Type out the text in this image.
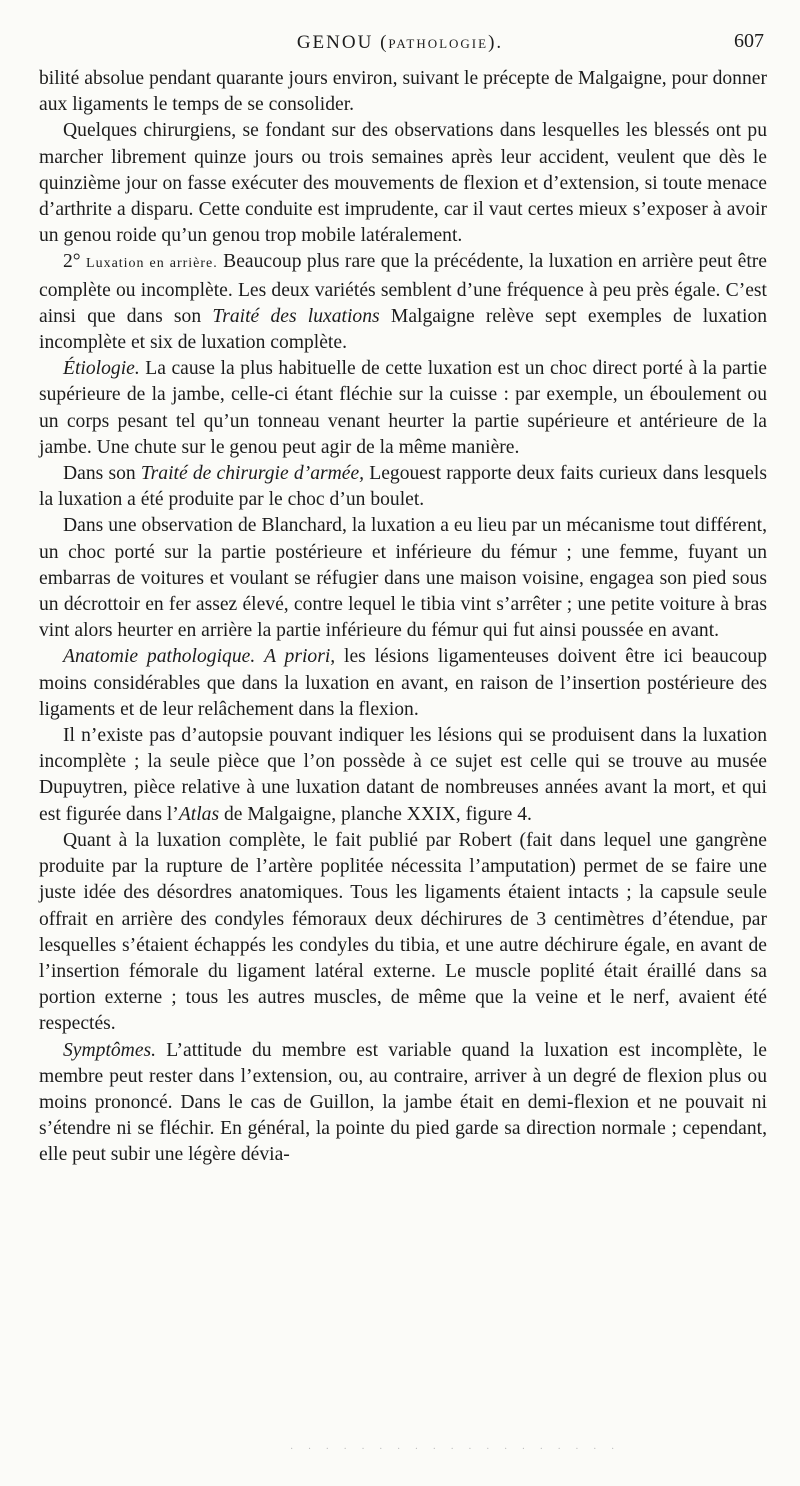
GENOU (PATHOLOGIE).	607

bilité absolue pendant quarante jours environ, suivant le précepte de Malgaigne, pour donner aux ligaments le temps de se consolider.

Quelques chirurgiens, se fondant sur des observations dans lesquelles les blessés ont pu marcher librement quinze jours ou trois semaines après leur accident, veulent que dès le quinzième jour on fasse exécuter des mouvements de flexion et d’extension, si toute menace d’arthrite a disparu. Cette conduite est imprudente, car il vaut certes mieux s’exposer à avoir un genou roide qu’un genou trop mobile latéralement.

2° Luxation en arrière. Beaucoup plus rare que la précédente, la luxation en arrière peut être complète ou incomplète. Les deux variétés semblent d’une fréquence à peu près égale. C’est ainsi que dans son Traité des luxations Malgaigne relève sept exemples de luxation incomplète et six de luxation complète.

Étiologie. La cause la plus habituelle de cette luxation est un choc direct porté à la partie supérieure de la jambe, celle-ci étant fléchie sur la cuisse : par exemple, un éboulement ou un corps pesant tel qu’un tonneau venant heurter la partie supérieure et antérieure de la jambe. Une chute sur le genou peut agir de la même manière.

Dans son Traité de chirurgie d’armée, Legouest rapporte deux faits curieux dans lesquels la luxation a été produite par le choc d’un boulet.

Dans une observation de Blanchard, la luxation a eu lieu par un mécanisme tout différent, un choc porté sur la partie postérieure et inférieure du fémur ; une femme, fuyant un embarras de voitures et voulant se réfugier dans une maison voisine, engagea son pied sous un décrottoir en fer assez élevé, contre lequel le tibia vint s’arrêter ; une petite voiture à bras vint alors heurter en arrière la partie inférieure du fémur qui fut ainsi poussée en avant.

Anatomie pathologique. A priori, les lésions ligamenteuses doivent être ici beaucoup moins considérables que dans la luxation en avant, en raison de l’insertion postérieure des ligaments et de leur relâchement dans la flexion.

Il n’existe pas d’autopsie pouvant indiquer les lésions qui se produisent dans la luxation incomplète ; la seule pièce que l’on possède à ce sujet est celle qui se trouve au musée Dupuytren, pièce relative à une luxation datant de nombreuses années avant la mort, et qui est figurée dans l’Atlas de Malgaigne, planche XXIX, figure 4.

Quant à la luxation complète, le fait publié par Robert (fait dans lequel une gangrène produite par la rupture de l’artère poplitée nécessita l’amputation) permet de se faire une juste idée des désordres anatomiques. Tous les ligaments étaient intacts ; la capsule seule offrait en arrière des condyles fémoraux deux déchirures de 3 centimètres d’étendue, par lesquelles s’étaient échappés les condyles du tibia, et une autre déchirure égale, en avant de l’insertion fémorale du ligament latéral externe. Le muscle poplité était éraillé dans sa portion externe ; tous les autres muscles, de même que la veine et le nerf, avaient été respectés.

Symptômes. L’attitude du membre est variable quand la luxation est incomplète, le membre peut rester dans l’extension, ou, au contraire, arriver à un degré de flexion plus ou moins prononcé. Dans le cas de Guillon, la jambe était en demi-flexion et ne pouvait ni s’étendre ni se fléchir. En général, la pointe du pied garde sa direction normale ; cependant, elle peut subir une légère dévia-

· · · · · · · · · · · · · · · · · · ·
